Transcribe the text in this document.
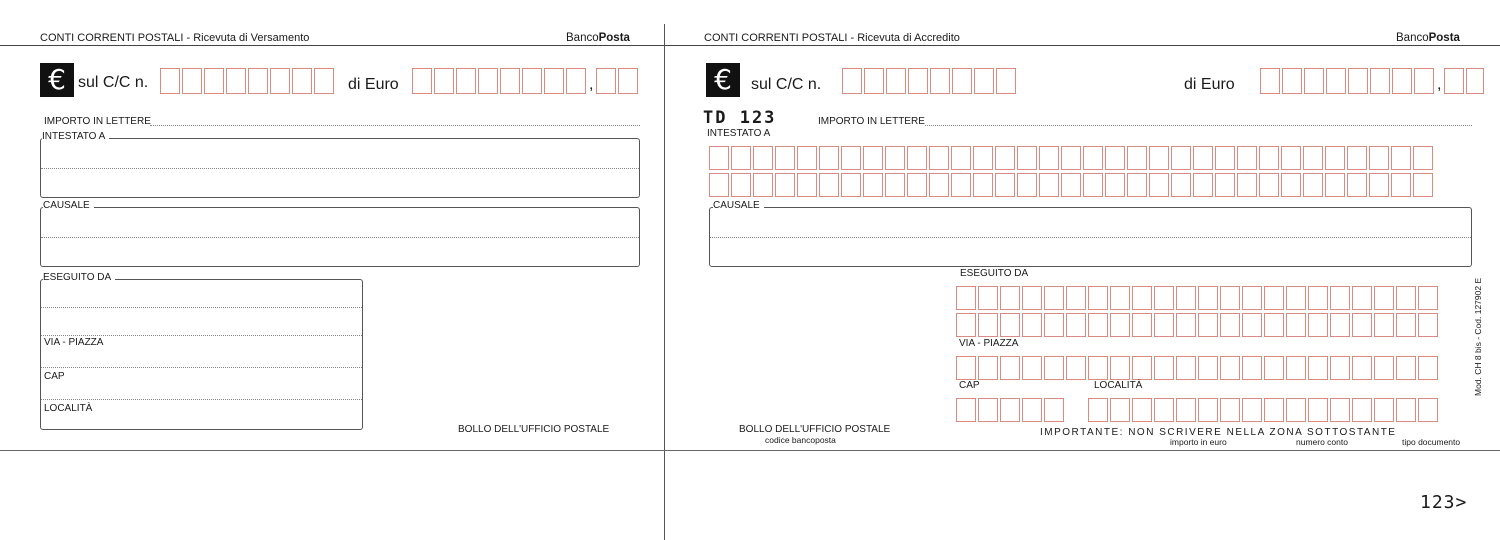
CONTI CORRENTI POSTALI - Ricevuta di Versamento	BancoPosta
€ sul C/C n.	di Euro	,
IMPORTO IN LETTERE
INTESTATO A
CAUSALE
ESEGUITO DA
VIA - PIAZZA
CAP
LOCALITÀ
BOLLO DELL'UFFICIO POSTALE
CONTI CORRENTI POSTALI - Ricevuta di Accredito	BancoPosta
€	sul C/C n.	di Euro	,
TD 123	IMPORTO IN LETTERE
INTESTATO A
CAUSALE
ESEGUITO DA
VIA - PIAZZA
CAP	LOCALITÀ	Mod. CH 8 bis - Cod. 127902 E
BOLLO DELL'UFFICIO POSTALE
codice bancoposta
IMPORTANTE: NON SCRIVERE NELLA ZONA SOTTOSTANTE
importo in euro	numero conto	tipo documento
123>
